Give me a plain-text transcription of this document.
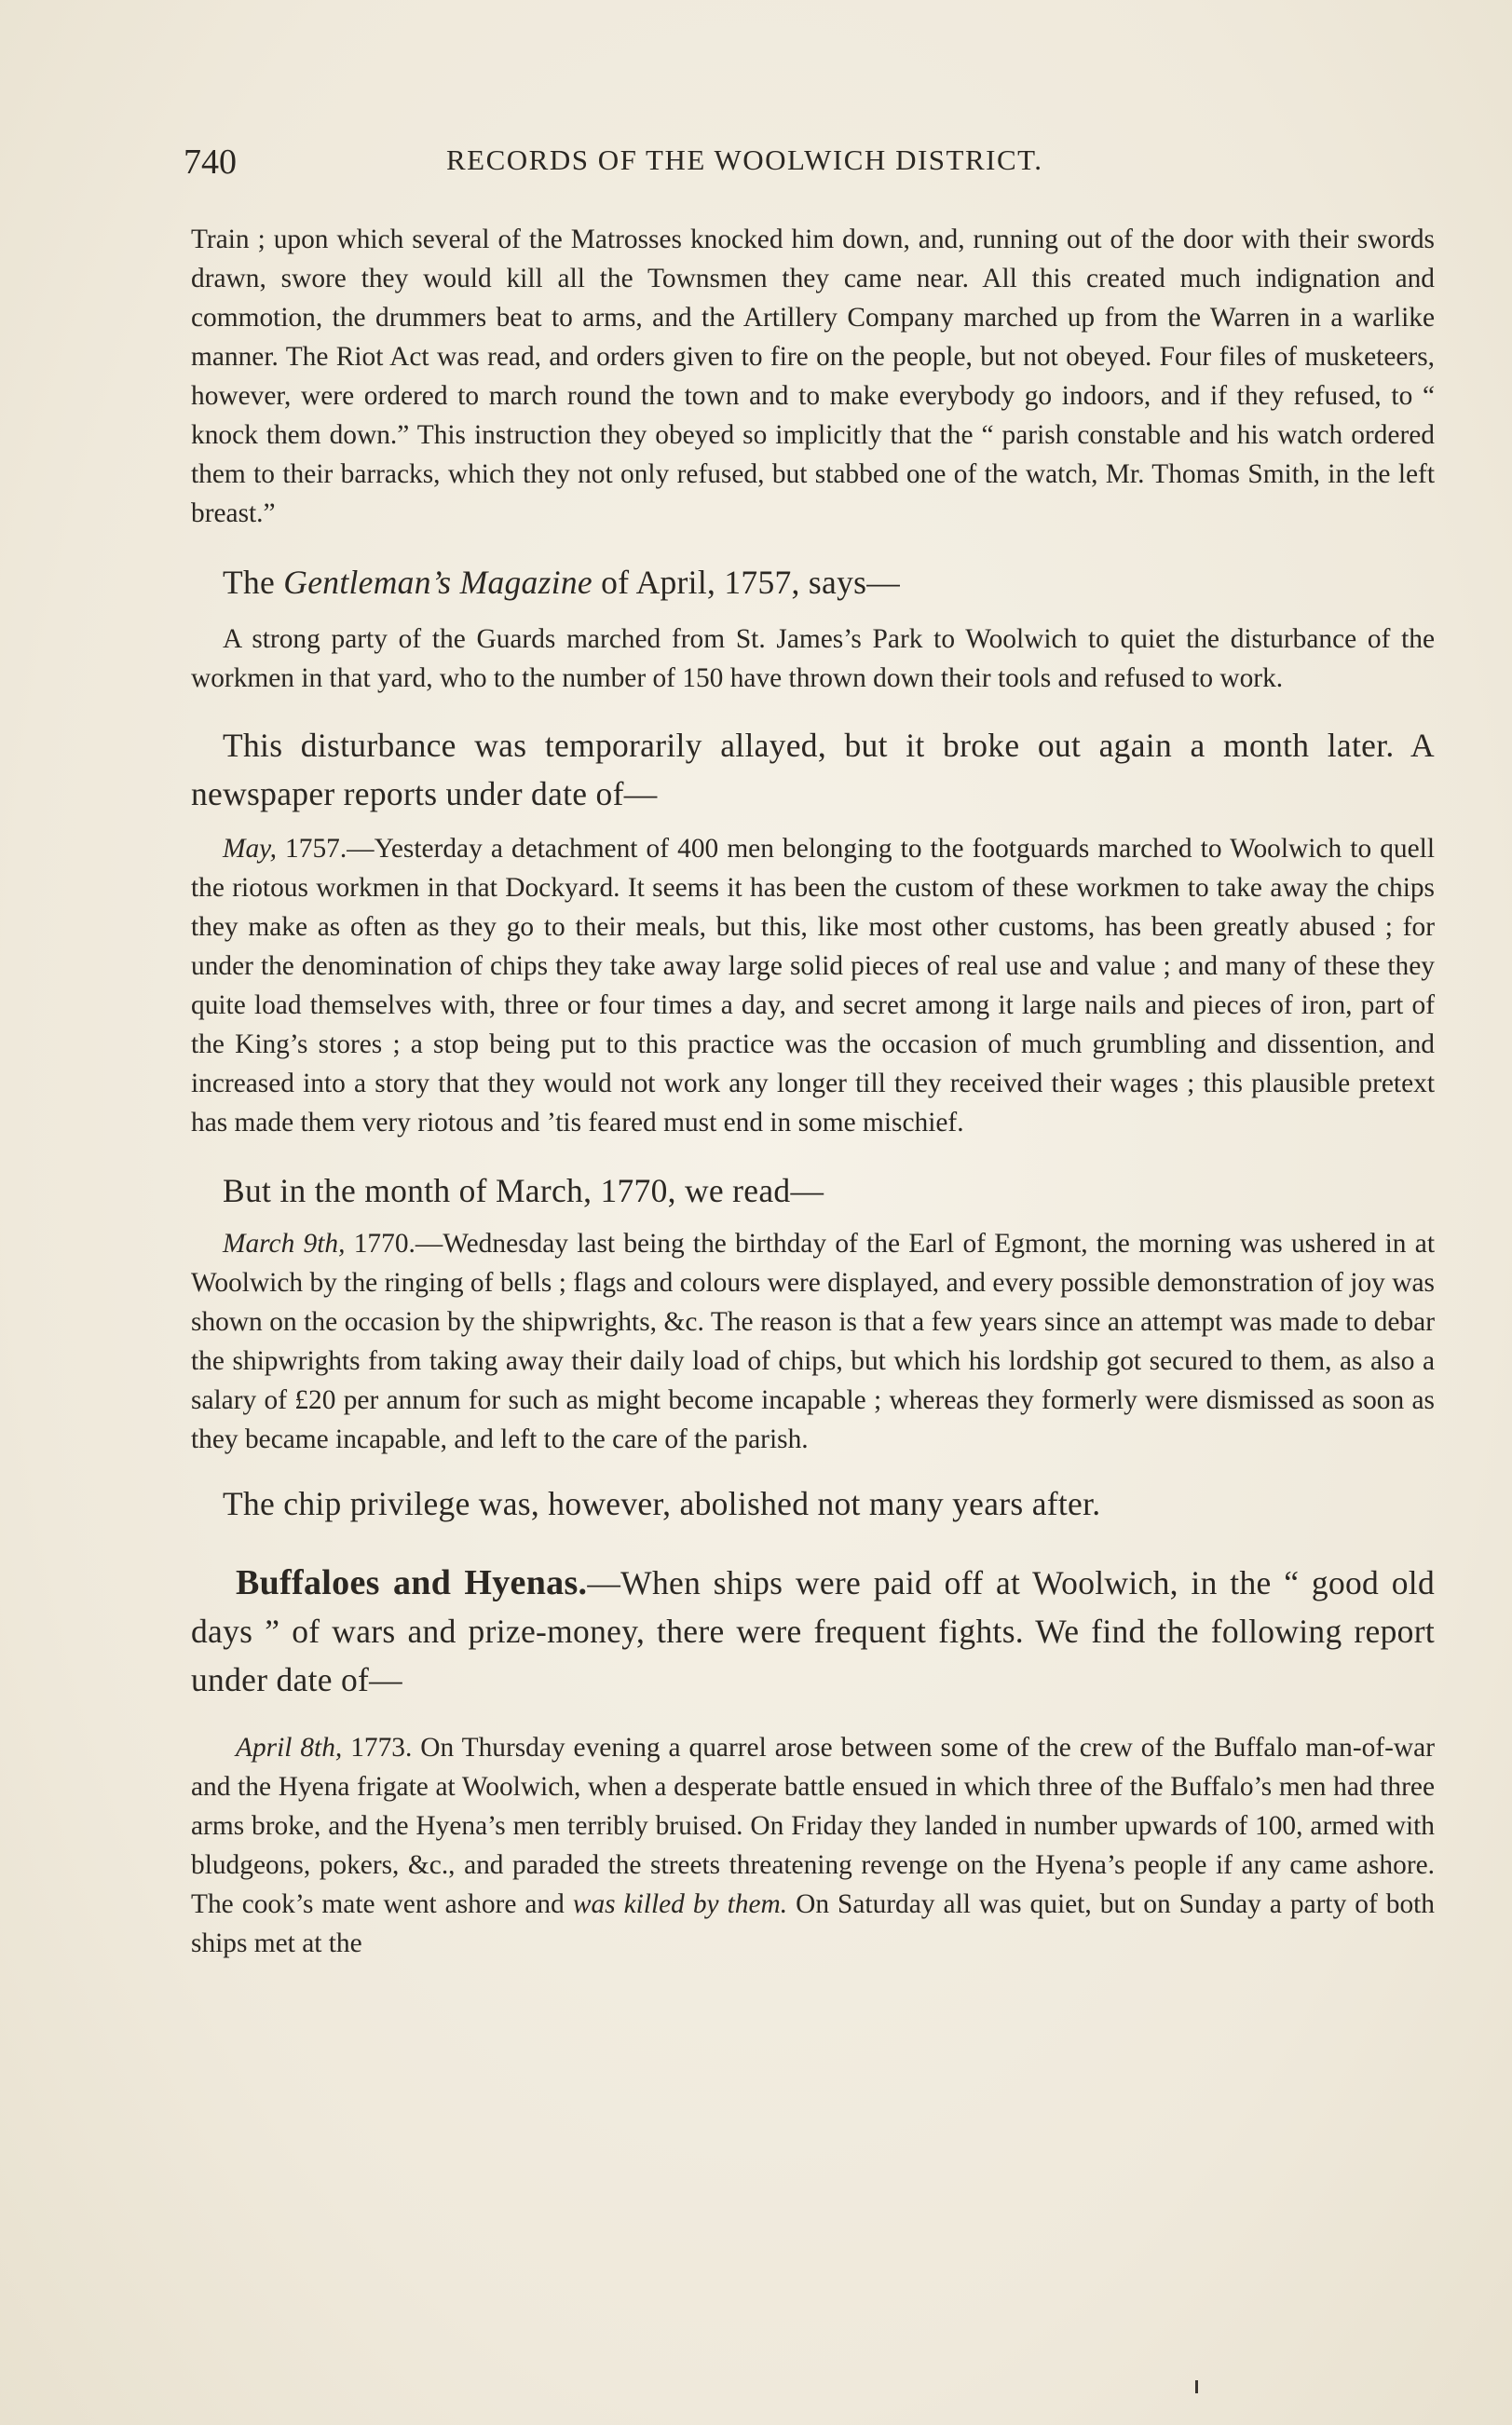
740	RECORDS OF THE WOOLWICH DISTRICT.

Train ; upon which several of the Matrosses knocked him down, and, running out of the door with their swords drawn, swore they would kill all the Townsmen they came near. All this created much indignation and commotion, the drummers beat to arms, and the Artillery Company marched up from the Warren in a warlike manner. The Riot Act was read, and orders given to fire on the people, but not obeyed. Four files of musketeers, however, were ordered to march round the town and to make everybody go indoors, and if they refused, to “ knock them down.” This instruction they obeyed so implicitly that the “ parish constable and his watch ordered them to their barracks, which they not only refused, but stabbed one of the watch, Mr. Thomas Smith, in the left breast.”

The Gentleman’s Magazine of April, 1757, says—

A strong party of the Guards marched from St. James’s Park to Woolwich to quiet the disturbance of the workmen in that yard, who to the number of 150 have thrown down their tools and refused to work.

This disturbance was temporarily allayed, but it broke out again a month later. A newspaper reports under date of—

May, 1757.—Yesterday a detachment of 400 men belonging to the footguards marched to Woolwich to quell the riotous workmen in that Dockyard. It seems it has been the custom of these workmen to take away the chips they make as often as they go to their meals, but this, like most other customs, has been greatly abused ; for under the denomination of chips they take away large solid pieces of real use and value ; and many of these they quite load themselves with, three or four times a day, and secret among it large nails and pieces of iron, part of the King’s stores ; a stop being put to this practice was the occasion of much grumbling and dissention, and increased into a story that they would not work any longer till they received their wages ; this plausible pretext has made them very riotous and ’tis feared must end in some mischief.

But in the month of March, 1770, we read—

March 9th, 1770.—Wednesday last being the birthday of the Earl of Egmont, the morning was ushered in at Woolwich by the ringing of bells ; flags and colours were displayed, and every possible demonstration of joy was shown on the occasion by the shipwrights, &c. The reason is that a few years since an attempt was made to debar the shipwrights from taking away their daily load of chips, but which his lordship got secured to them, as also a salary of £20 per annum for such as might become incapable ; whereas they formerly were dismissed as soon as they became incapable, and left to the care of the parish.

The chip privilege was, however, abolished not many years after.

Buffaloes and Hyenas.—When ships were paid off at Woolwich, in the “ good old days ” of wars and prize-money, there were frequent fights. We find the following report under date of—

April 8th, 1773. On Thursday evening a quarrel arose between some of the crew of the Buffalo man-of-war and the Hyena frigate at Woolwich, when a desperate battle ensued in which three of the Buffalo’s men had three arms broke, and the Hyena’s men terribly bruised. On Friday they landed in number upwards of 100, armed with bludgeons, pokers, &c., and paraded the streets threatening revenge on the Hyena’s people if any came ashore. The cook’s mate went ashore and was killed by them. On Saturday all was quiet, but on Sunday a party of both ships met at the
